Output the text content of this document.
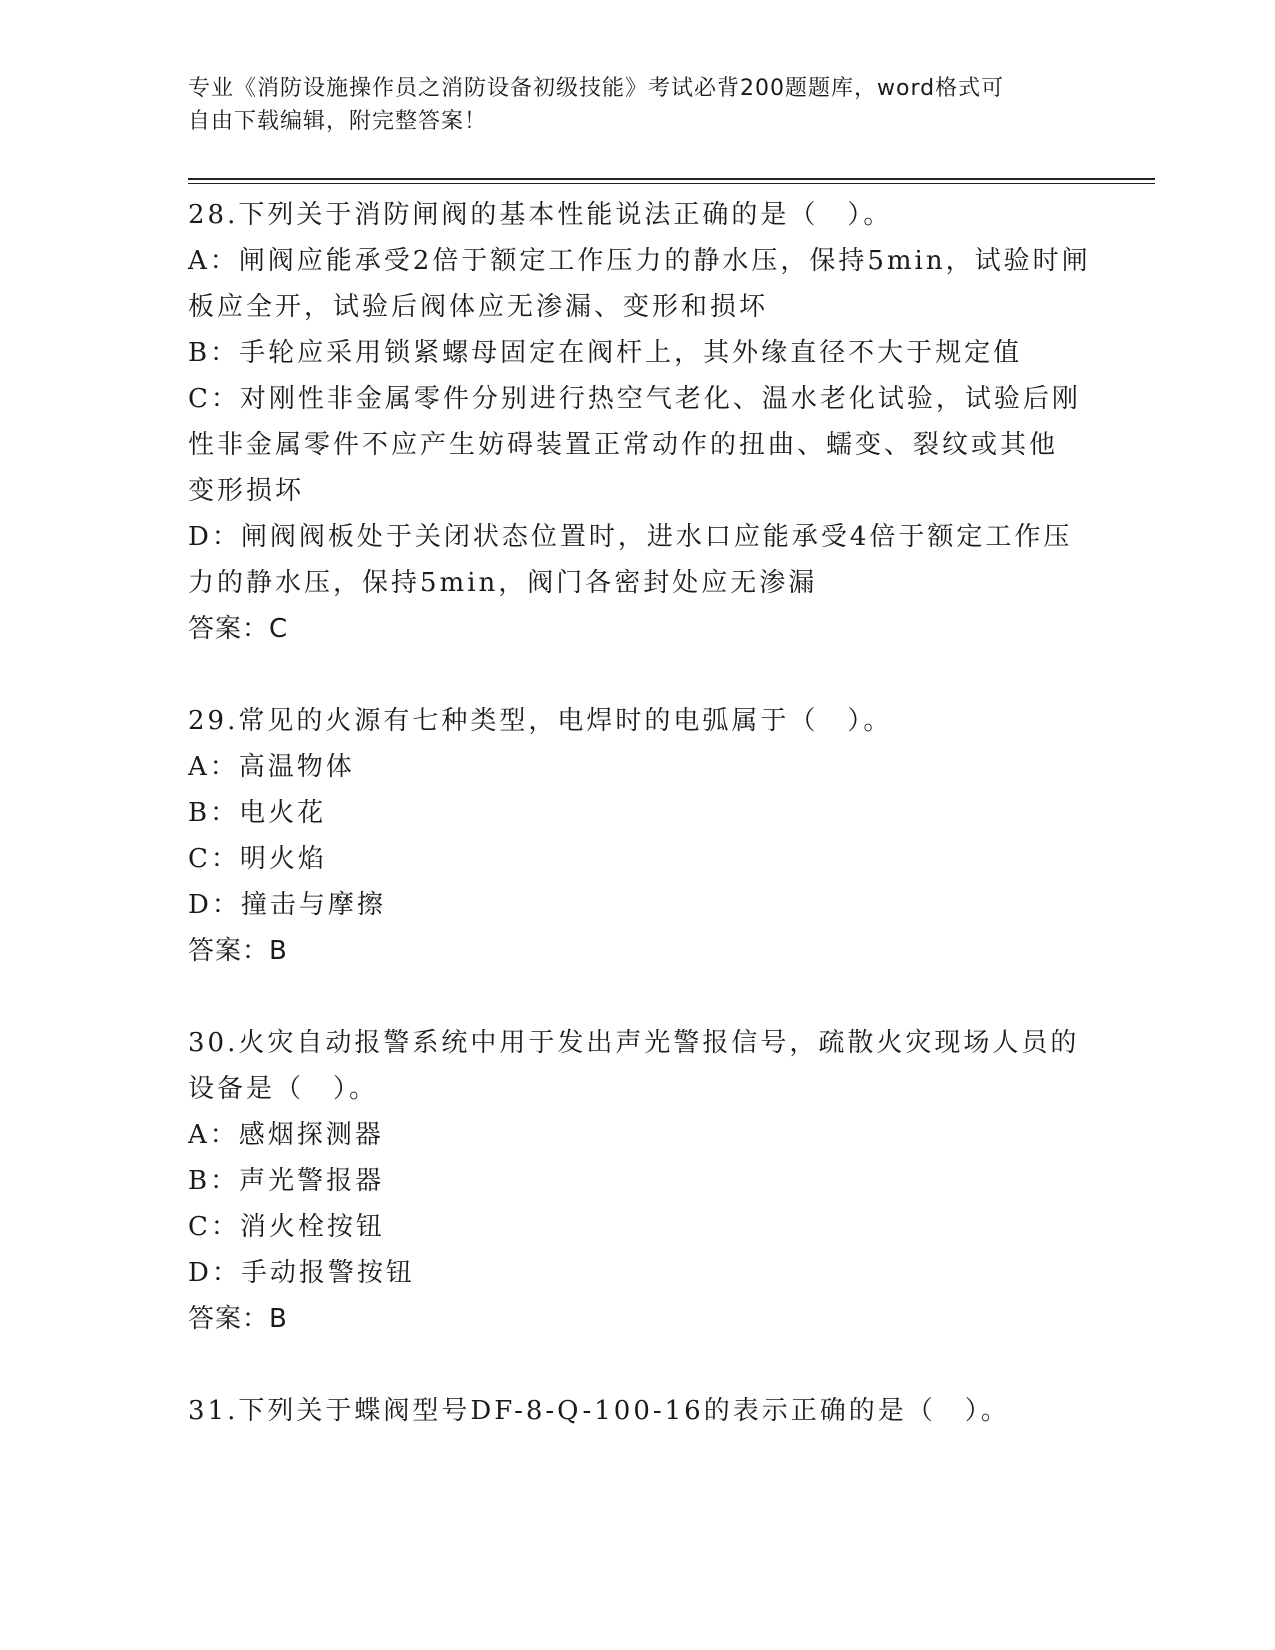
专业《消防设施操作员之消防设备初级技能》考试必背200题题库，word格式可
自由下载编辑，附完整答案！
28.下列关于消防闸阀的基本性能说法正确的是（　）。
A：闸阀应能承受2倍于额定工作压力的静水压，保持5min，试验时闸
板应全开，试验后阀体应无渗漏、变形和损坏
B：手轮应采用锁紧螺母固定在阀杆上，其外缘直径不大于规定值
C：对刚性非金属零件分别进行热空气老化、温水老化试验，试验后刚
性非金属零件不应产生妨碍装置正常动作的扭曲、蠕变、裂纹或其他
变形损坏
D：闸阀阀板处于关闭状态位置时，进水口应能承受4倍于额定工作压
力的静水压，保持5min，阀门各密封处应无渗漏
答案：C
29.常见的火源有七种类型，电焊时的电弧属于（　）。
A：高温物体
B：电火花
C：明火焰
D：撞击与摩擦
答案：B
30.火灾自动报警系统中用于发出声光警报信号，疏散火灾现场人员的
设备是（　）。
A：感烟探测器
B：声光警报器
C：消火栓按钮
D：手动报警按钮
答案：B
31.下列关于蝶阀型号DF-8-Q-100-16的表示正确的是（　）。
